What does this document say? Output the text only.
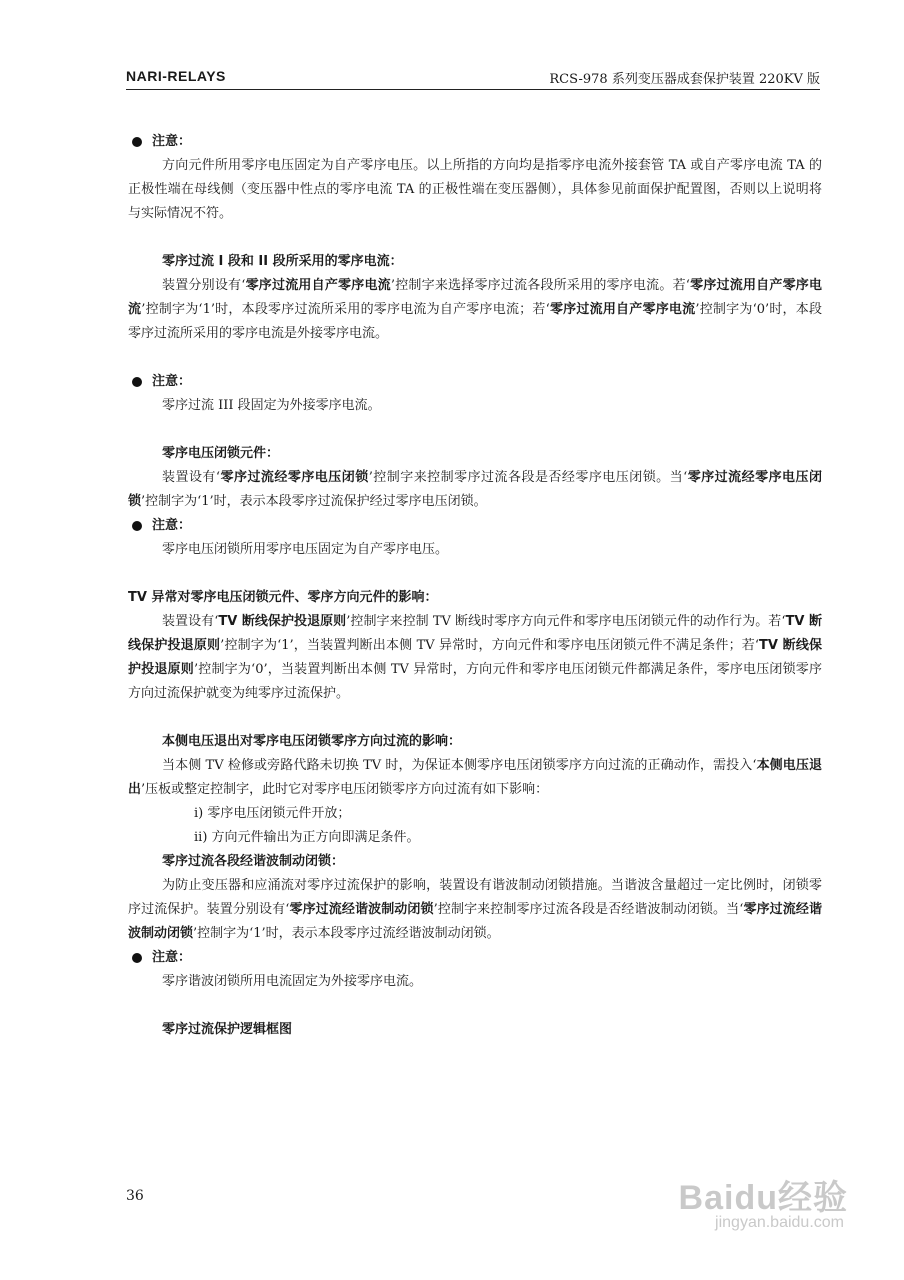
NARI-RELAYS	RCS-978 系列变压器成套保护装置 220KV 版
注意：

方向元件所用零序电压固定为自产零序电压。以上所指的方向均是指零序电流外接套管 TA 或自产零序电流 TA 的正极性端在母线侧（变压器中性点的零序电流 TA 的正极性端在变压器侧），具体参见前面保护配置图，否则以上说明将与实际情况不符。

零序过流 I 段和 II 段所采用的零序电流：

装置分别设有‘零序过流用自产零序电流’控制字来选择零序过流各段所采用的零序电流。若‘零序过流用自产零序电流’控制字为‘1’时，本段零序过流所采用的零序电流为自产零序电流；若‘零序过流用自产零序电流’控制字为‘0’时，本段零序过流所采用的零序电流是外接零序电流。

注意：

零序过流 III 段固定为外接零序电流。

零序电压闭锁元件：

装置设有‘零序过流经零序电压闭锁’控制字来控制零序过流各段是否经零序电压闭锁。当‘零序过流经零序电压闭锁’控制字为‘1’时，表示本段零序过流保护经过零序电压闭锁。

注意：

零序电压闭锁所用零序电压固定为自产零序电压。

TV 异常对零序电压闭锁元件、零序方向元件的影响：

装置设有‘TV 断线保护投退原则’控制字来控制 TV 断线时零序方向元件和零序电压闭锁元件的动作行为。若‘TV 断线保护投退原则’控制字为‘1’，当装置判断出本侧 TV 异常时，方向元件和零序电压闭锁元件不满足条件；若‘TV 断线保护投退原则’控制字为‘0’，当装置判断出本侧 TV 异常时，方向元件和零序电压闭锁元件都满足条件，零序电压闭锁零序方向过流保护就变为纯零序过流保护。

本侧电压退出对零序电压闭锁零序方向过流的影响：

当本侧 TV 检修或旁路代路未切换 TV 时，为保证本侧零序电压闭锁零序方向过流的正确动作，需投入‘本侧电压退出’压板或整定控制字，此时它对零序电压闭锁零序方向过流有如下影响：

i) 零序电压闭锁元件开放；
ii) 方向元件输出为正方向即满足条件。
零序过流各段经谐波制动闭锁：

为防止变压器和应涌流对零序过流保护的影响，装置设有谐波制动闭锁措施。当谐波含量超过一定比例时，闭锁零序过流保护。装置分别设有‘零序过流经谐波制动闭锁’控制字来控制零序过流各段是否经谐波制动闭锁。当‘零序过流经谐波制动闭锁’控制字为‘1’时，表示本段零序过流经谐波制动闭锁。

注意：

零序谐波闭锁所用电流固定为外接零序电流。

零序过流保护逻辑框图
36	Baidu经验
jingyan.baidu.com
